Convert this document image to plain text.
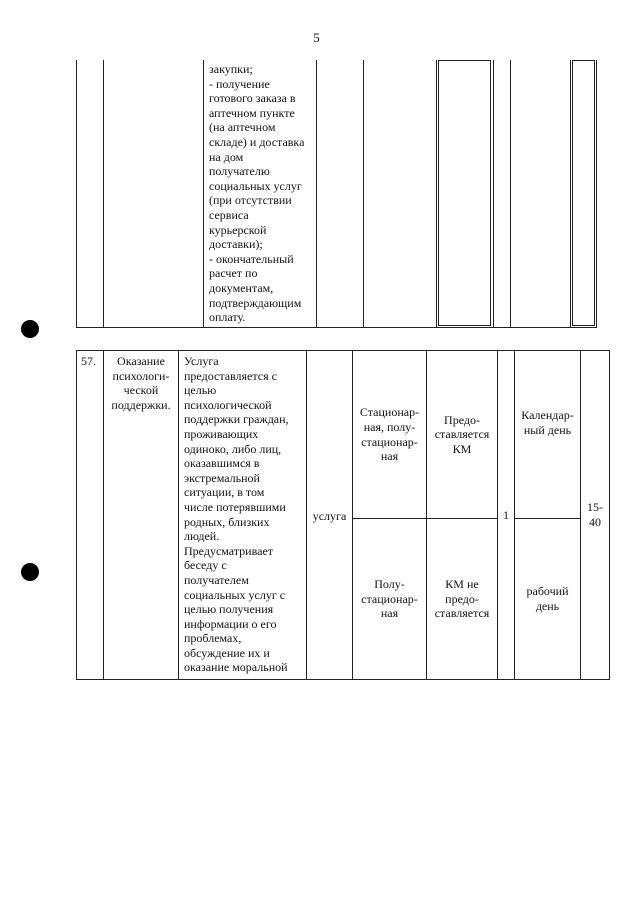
5
закупки;
- получение
готового заказа в
аптечном пункте
(на аптечном
складе) и доставка
на дом
получателю
социальных услуг
(при отсутствии
сервиса
курьерской
доставки);
- окончательный
расчет по
документам,
подтверждающим
оплату.
57.	Оказание
психологи-
ческой
поддержки.
Услуга
предоставляется с
целью
психологической
поддержки граждан,
проживающих
одиноко, либо лиц,
оказавшимся в
экстремальной
ситуации, в том
числе потерявшими
родных, близких
людей.
Предусматривает
беседу с
получателем
социальных услуг с
целью получения
информации о его
проблемах,
обсуждение их и
оказание моральной
услуга
Стационар-
ная, полу-
стационар-
ная
Полу-
стационар-
ная
Предо-
ставляется
КМ
КМ не
предо-
ставляется
1
Календар-
ный день
рабочий
день
15-
40
